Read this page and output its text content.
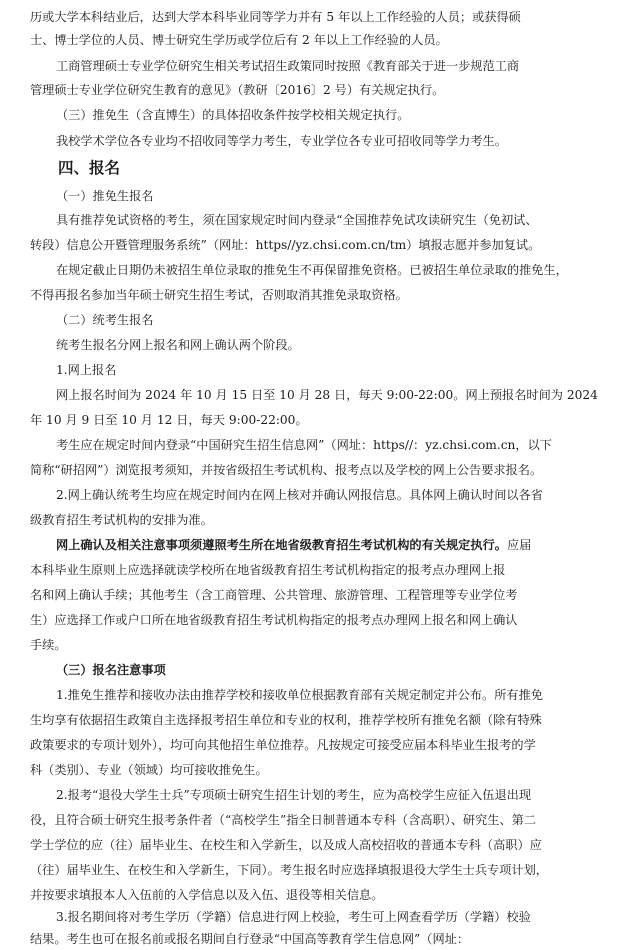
历或大学本科结业后，达到大学本科毕业同等学力并有 5 年以上工作经验的人员；或获得硕
士、博士学位的人员、博士研究生学历或学位后有 2 年以上工作经验的人员。
工商管理硕士专业学位研究生相关考试招生政策同时按照《教育部关于进一步规范工商
管理硕士专业学位研究生教育的意见》（教研〔2016〕2 号）有关规定执行。
（三）推免生（含直博生）的具体招收条件按学校相关规定执行。
我校学术学位各专业均不招收同等学力考生，专业学位各专业可招收同等学力考生。
四、报名
（一）推免生报名
具有推荐免试资格的考生，须在国家规定时间内登录“全国推荐免试攻读研究生（免初试、
转段）信息公开暨管理服务系统”（网址：https//yz.chsi.com.cn/tm）填报志愿并参加复试。
在规定截止日期仍未被招生单位录取的推免生不再保留推免资格。已被招生单位录取的推免生，
不得再报名参加当年硕士研究生招生考试，否则取消其推免录取资格。
（二）统考生报名
统考生报名分网上报名和网上确认两个阶段。
1.网上报名
网上报名时间为 2024 年 10 月 15 日至 10 月 28 日，每天 9:00-22:00。网上预报名时间为 2024
年 10 月 9 日至 10 月 12 日，每天 9:00-22:00。
考生应在规定时间内登录“中国研究生招生信息网”（网址：https//：yz.chsi.com.cn，以下
简称“研招网”）浏览报考须知，并按省级招生考试机构、报考点以及学校的网上公告要求报名。
2.网上确认统考生均应在规定时间内在网上核对并确认网报信息。具体网上确认时间以各省
级教育招生考试机构的安排为准。
网上确认及相关注意事项须遵照考生所在地省级教育招生考试机构的有关规定执行。应届
本科毕业生原则上应选择就读学校所在地省级教育招生考试机构指定的报考点办理网上报
名和网上确认手续；其他考生（含工商管理、公共管理、旅游管理、工程管理等专业学位考
生）应选择工作或户口所在地省级教育招生考试机构指定的报考点办理网上报名和网上确认
手续。
（三）报名注意事项
1.推免生推荐和接收办法由推荐学校和接收单位根据教育部有关规定制定并公布。所有推免
生均享有依据招生政策自主选择报考招生单位和专业的权利，推荐学校所有推免名额（除有特殊
政策要求的专项计划外），均可向其他招生单位推荐。凡按规定可接受应届本科毕业生报考的学
科（类别）、专业（领域）均可接收推免生。
2.报考“退役大学生士兵”专项硕士研究生招生计划的考生，应为高校学生应征入伍退出现
役，且符合硕士研究生报考条件者（“高校学生”指全日制普通本专科（含高职）、研究生、第二
学士学位的应（往）届毕业生、在校生和入学新生，以及成人高校招收的普通本专科（高职）应
（往）届毕业生、在校生和入学新生，下同）。考生报名时应选择填报退役大学生士兵专项计划，
并按要求填报本人入伍前的入学信息以及入伍、退役等相关信息。
3.报名期间将对考生学历（学籍）信息进行网上校验，考生可上网查看学历（学籍）校验
结果。考生也可在报名前或报名期间自行登录“中国高等教育学生信息网”（网址：
